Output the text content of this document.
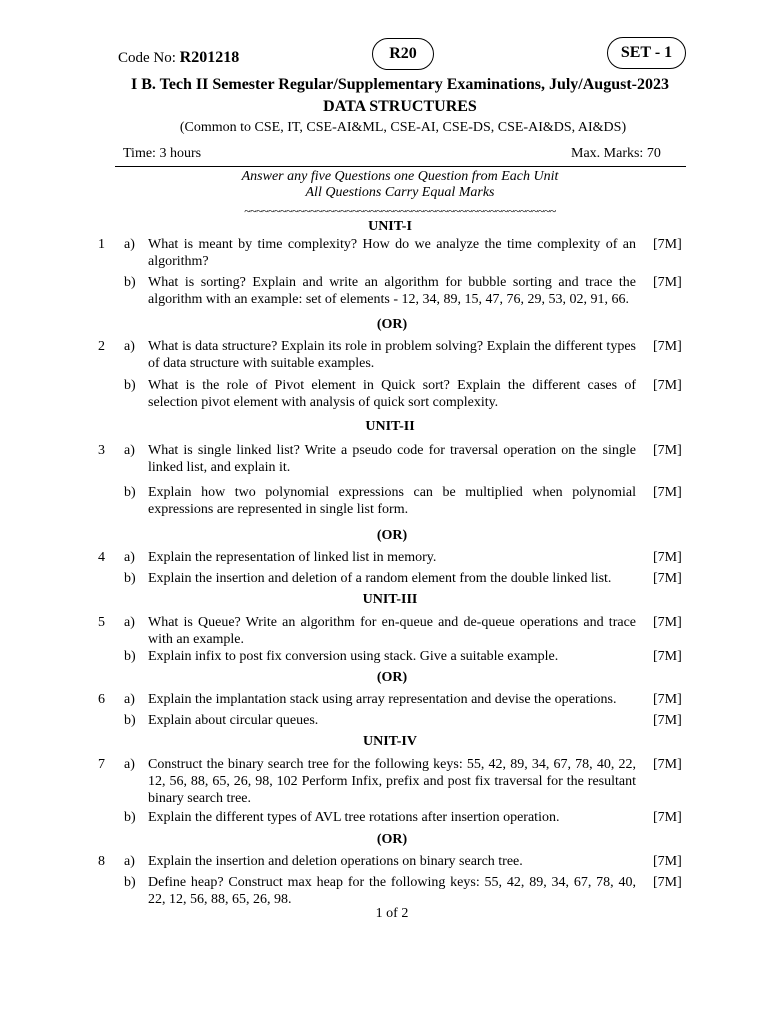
Code No: R201218	R20	SET - 1
I B. Tech II Semester Regular/Supplementary Examinations, July/August-2023
DATA STRUCTURES
(Common to CSE, IT, CSE-AI&ML, CSE-AI, CSE-DS, CSE-AI&DS, AI&DS)
Time: 3 hours	Max. Marks: 70
Answer any five Questions one Question from Each Unit
All Questions Carry Equal Marks
~~~~~~~~~~~~~~~~~~~~~~~~~~~~~~~~~~~~~~~~~~~~~~~~~~~~
UNIT-I
1 a) What is meant by time complexity? How do we analyze the time complexity of an algorithm?
[7M]
b) What is sorting? Explain and write an algorithm for bubble sorting and trace the algorithm with an example: set of elements - 12, 34, 89, 15, 47, 76, 29, 53, 02, 91, 66.
[7M]
(OR)
2 a) What is data structure? Explain its role in problem solving? Explain the different types of data structure with suitable examples.
[7M]
b) What is the role of Pivot element in Quick sort? Explain the different cases of selection pivot element with analysis of quick sort complexity.
[7M]
UNIT-II
3 a) What is single linked list? Write a pseudo code for traversal operation on the single linked list, and explain it.
[7M]
b) Explain how two polynomial expressions can be multiplied when polynomial expressions are represented in single list form.
[7M]
(OR)
4 a) Explain the representation of linked list in memory.	[7M]
b) Explain the insertion and deletion of a random element from the double linked list.	[7M]
UNIT-III
5 a) What is Queue? Write an algorithm for en-queue and de-queue operations and trace with an example.
[7M]
b) Explain infix to post fix conversion using stack. Give a suitable example.	[7M]
(OR)
6 a) Explain the implantation stack using array representation and devise the operations.	[7M]
b) Explain about circular queues.	[7M]
UNIT-IV
7 a) Construct the binary search tree for the following keys: 55, 42, 89, 34, 67, 78, 40, 22, 12, 56, 88, 65, 26, 98, 102 Perform Infix, prefix and post fix traversal for the resultant binary search tree.
[7M]
b) Explain the different types of AVL tree rotations after insertion operation.	[7M]
(OR)
8 a) Explain the insertion and deletion operations on binary search tree.	[7M]
b) Define heap? Construct max heap for the following keys: 55, 42, 89, 34, 67, 78, 40, 22, 12, 56, 88, 65, 26, 98.
[7M]
1 of 2
